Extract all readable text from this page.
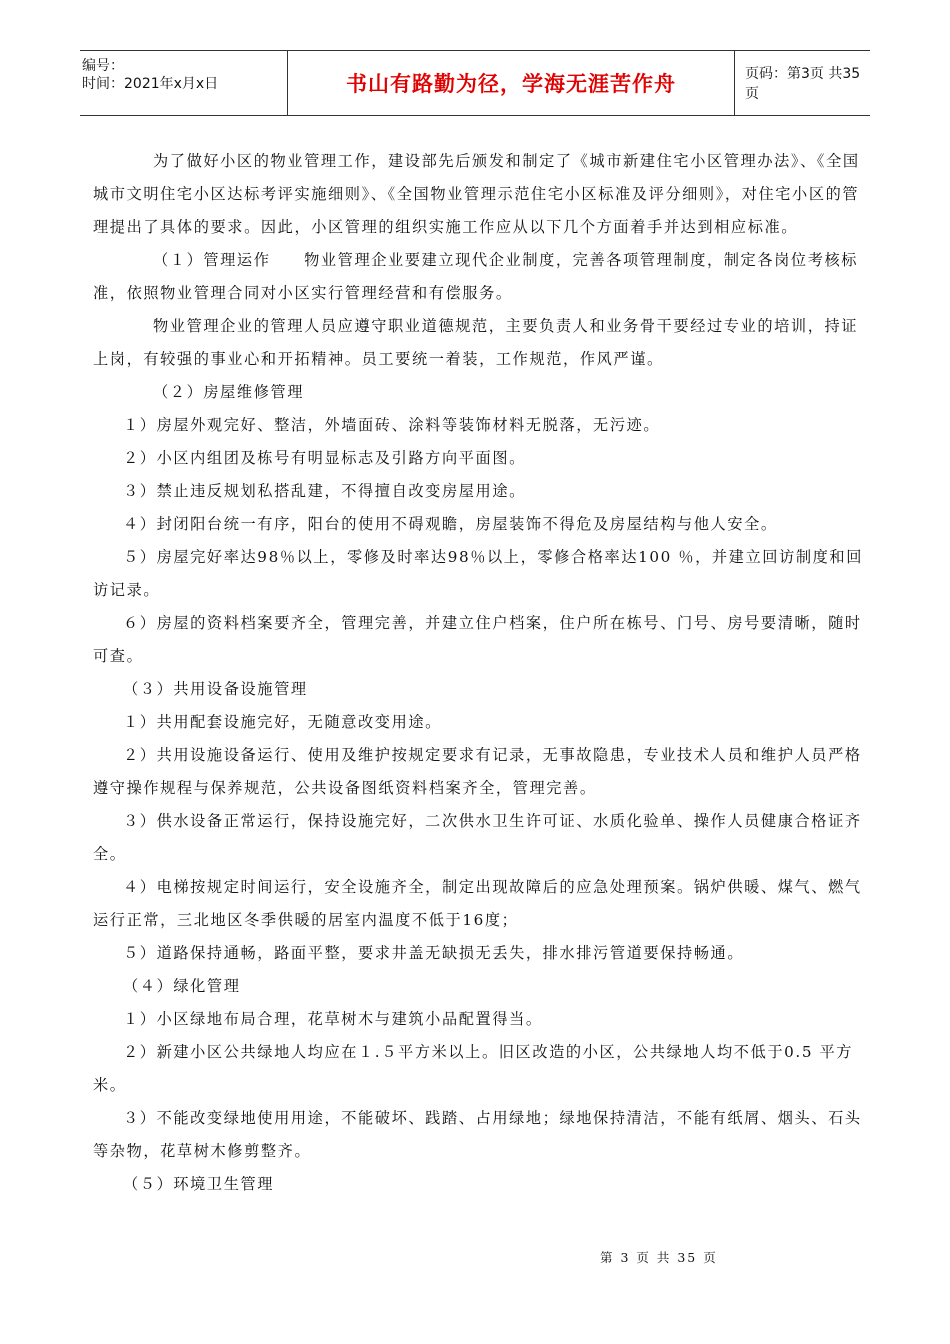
编号：
时间：2021年x月x日	书山有路勤为径，学海无涯苦作舟	页码：第3页 共35页

为了做好小区的物业管理工作，建设部先后颁发和制定了《城市新建住宅小区管理办法》、《全国城市文明住宅小区达标考评实施细则》、《全国物业管理示范住宅小区标准及评分细则》，对住宅小区的管理提出了具体的要求。因此，小区管理的组织实施工作应从以下几个方面着手并达到相应标准。

（１）管理运作　　物业管理企业要建立现代企业制度，完善各项管理制度，制定各岗位考核标准，依照物业管理合同对小区实行管理经营和有偿服务。

物业管理企业的管理人员应遵守职业道德规范，主要负责人和业务骨干要经过专业的培训，持证上岗，有较强的事业心和开拓精神。员工要统一着装，工作规范，作风严谨。

（２）房屋维修管理

１）房屋外观完好、整洁，外墙面砖、涂料等装饰材料无脱落，无污迹。

２）小区内组团及栋号有明显标志及引路方向平面图。

３）禁止违反规划私搭乱建，不得擅自改变房屋用途。

４）封闭阳台统一有序，阳台的使用不碍观瞻，房屋装饰不得危及房屋结构与他人安全。

５）房屋完好率达98％以上，零修及时率达98％以上，零修合格率达100 ％，并建立回访制度和回访记录。

６）房屋的资料档案要齐全，管理完善，并建立住户档案，住户所在栋号、门号、房号要清晰，随时可查。

（３）共用设备设施管理

１）共用配套设施完好，无随意改变用途。

２）共用设施设备运行、使用及维护按规定要求有记录，无事故隐患，专业技术人员和维护人员严格遵守操作规程与保养规范，公共设备图纸资料档案齐全，管理完善。

３）供水设备正常运行，保持设施完好，二次供水卫生许可证、水质化验单、操作人员健康合格证齐全。

４）电梯按规定时间运行，安全设施齐全，制定出现故障后的应急处理预案。锅炉供暖、煤气、燃气运行正常，三北地区冬季供暖的居室内温度不低于16度；

５）道路保持通畅，路面平整，要求井盖无缺损无丢失，排水排污管道要保持畅通。

（４）绿化管理

１）小区绿地布局合理，花草树木与建筑小品配置得当。

２）新建小区公共绿地人均应在１.５平方米以上。旧区改造的小区，公共绿地人均不低于0.5 平方米。

３）不能改变绿地使用用途，不能破坏、践踏、占用绿地；绿地保持清洁，不能有纸屑、烟头、石头等杂物，花草树木修剪整齐。

（５）环境卫生管理

第 3 页 共 35 页
